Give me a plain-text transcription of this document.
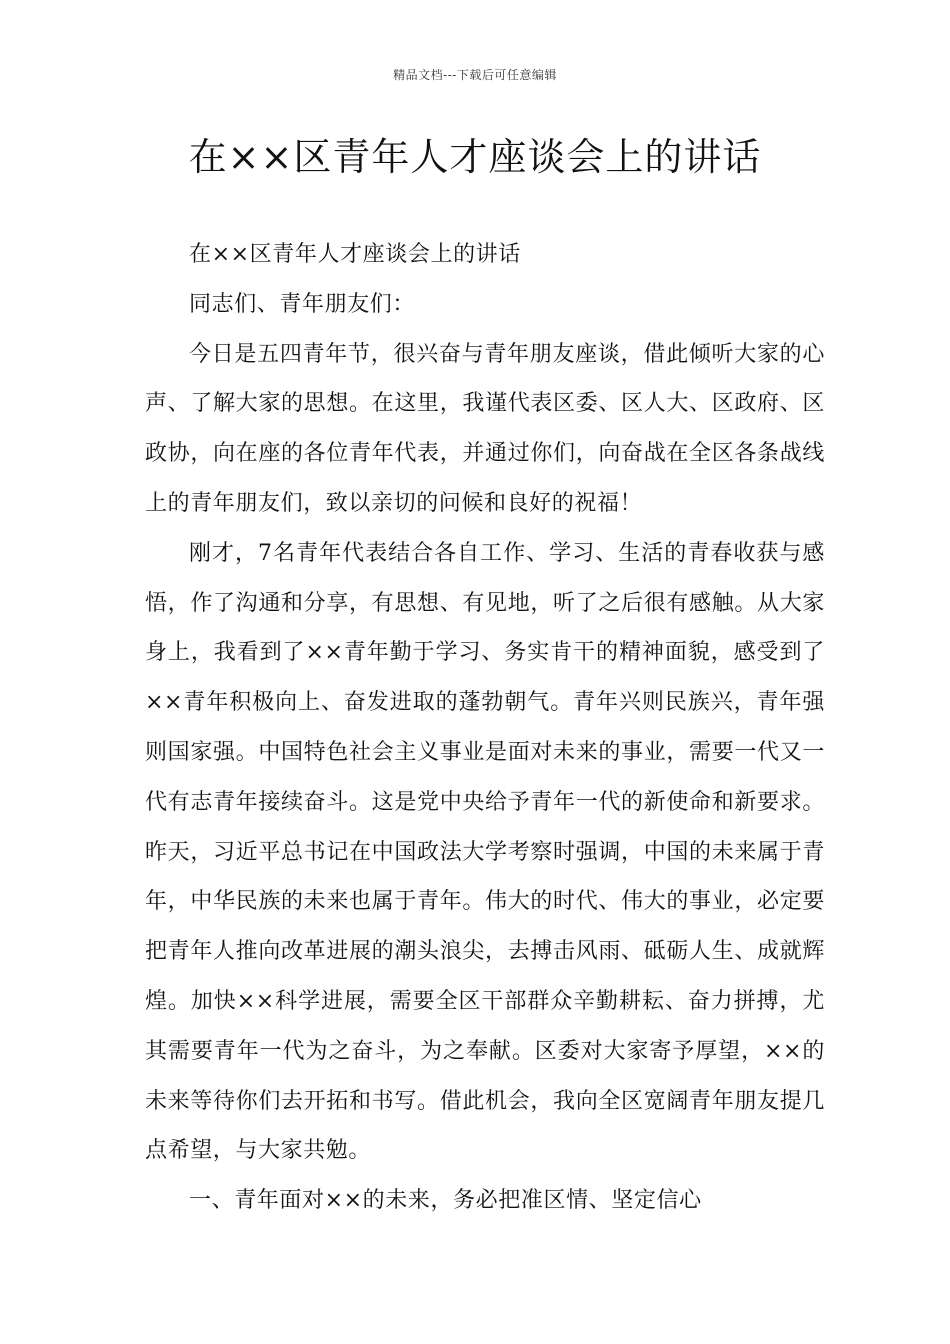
精品文档---下载后可任意编辑
在××区青年人才座谈会上的讲话

在××区青年人才座谈会上的讲话

同志们、青年朋友们：

今日是五四青年节，很兴奋与青年朋友座谈，借此倾听大家的心声、了解大家的思想。在这里，我谨代表区委、区人大、区政府、区政协，向在座的各位青年代表，并通过你们，向奋战在全区各条战线上的青年朋友们，致以亲切的问候和良好的祝福！

刚才，7名青年代表结合各自工作、学习、生活的青春收获与感悟，作了沟通和分享，有思想、有见地，听了之后很有感触。从大家身上，我看到了××青年勤于学习、务实肯干的精神面貌，感受到了××青年积极向上、奋发进取的蓬勃朝气。青年兴则民族兴，青年强则国家强。中国特色社会主义事业是面对未来的事业，需要一代又一代有志青年接续奋斗。这是党中央给予青年一代的新使命和新要求。昨天，习近平总书记在中国政法大学考察时强调，中国的未来属于青年，中华民族的未来也属于青年。伟大的时代、伟大的事业，必定要把青年人推向改革进展的潮头浪尖，去搏击风雨、砥砺人生、成就辉煌。加快××科学进展，需要全区干部群众辛勤耕耘、奋力拼搏，尤其需要青年一代为之奋斗，为之奉献。区委对大家寄予厚望，××的未来等待你们去开拓和书写。借此机会，我向全区宽阔青年朋友提几点希望，与大家共勉。

一、青年面对××的未来，务必把准区情、坚定信心
